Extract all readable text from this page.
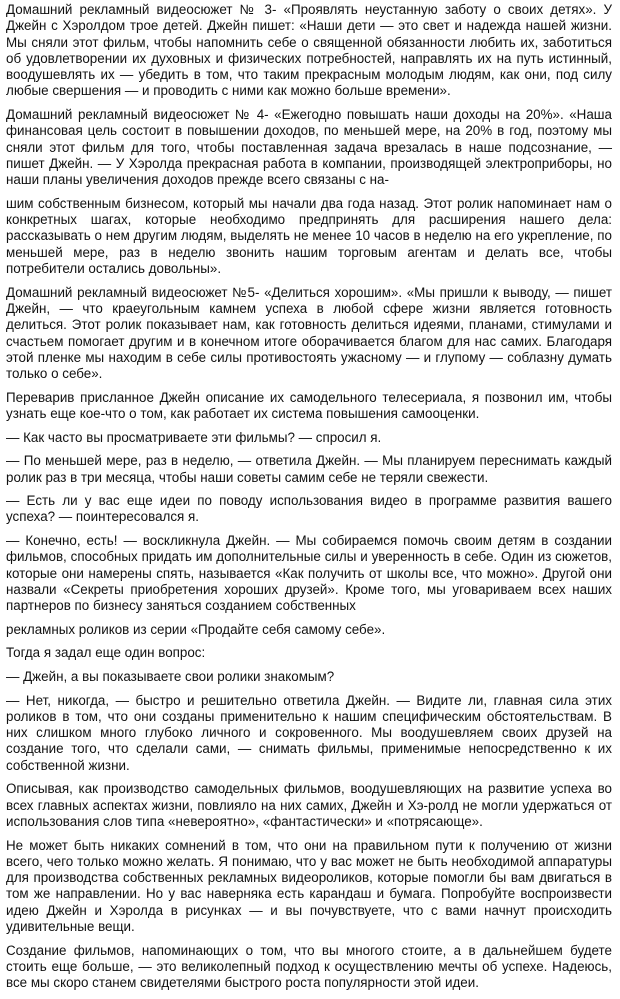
Домашний рекламный видеосюжет № 3- «Проявлять неустанную заботу о своих детях». У Джейн с Хэролдом трое детей. Джейн пишет: «Наши дети — это свет и надежда нашей жизни. Мы сняли этот фильм, чтобы напомнить себе о священной обязанности любить их, заботиться об удовлетворении их духовных и физических потребностей, направлять их на путь истинный, воодушевлять их — убедить в том, что таким прекрасным молодым людям, как они, под силу любые свершения — и проводить с ними как можно больше времени».

Домашний рекламный видеосюжет № 4- «Ежегодно повышать наши доходы на 20%». «Наша финансовая цель состоит в повышении доходов, по меньшей мере, на 20% в год, поэтому мы сняли этот фильм для того, чтобы поставленная задача врезалась в наше подсознание, — пишет Джейн. — У Хэролда прекрасная работа в компании, производящей электроприборы, но наши планы увеличения доходов прежде всего связаны с на-

шим собственным бизнесом, который мы начали два года назад. Этот ролик напоминает нам о конкретных шагах, которые необходимо предпринять для расширения нашего дела: рассказывать о нем другим людям, выделять не менее 10 часов в неделю на его укрепление, по меньшей мере, раз в неделю звонить нашим торговым агентам и делать все, чтобы потребители остались довольны».

Домашний рекламный видеосюжет №5- «Делиться хорошим». «Мы пришли к выводу, — пишет Джейн, — что краеугольным камнем успеха в любой сфере жизни является готовность делиться. Этот ролик показывает нам, как готовность делиться идеями, планами, стимулами и счастьем помогает другим и в конечном итоге оборачивается благом для нас самих. Благодаря этой пленке мы находим в себе силы противостоять ужасному — и глупому — соблазну думать только о себе».

Переварив присланное Джейн описание их самодельного телесериала, я позвонил им, чтобы узнать еще кое-что о том, как работает их система повышения самооценки.

— Как часто вы просматриваете эти фильмы? — спросил я.

— По меньшей мере, раз в неделю, — ответила Джейн. — Мы планируем переснимать каждый ролик раз в три месяца, чтобы наши советы самим себе не теряли свежести.

— Есть ли у вас еще идеи по поводу использования видео в программе развития вашего успеха? — поинтересовался я.

— Конечно, есть! — воскликнула Джейн. — Мы собираемся помочь своим детям в создании фильмов, способных придать им дополнительные силы и уверенность в себе. Один из сюжетов, которые они намерены спять, называется «Как получить от школы все, что можно». Другой они назвали «Секреты приобретения хороших друзей». Кроме того, мы уговариваем всех наших партнеров по бизнесу заняться созданием собственных

рекламных роликов из серии «Продайте себя самому себе».

Тогда я задал еще один вопрос:

— Джейн, а вы показываете свои ролики знакомым?

— Нет, никогда, — быстро и решительно ответила Джейн. — Видите ли, главная сила этих роликов в том, что они созданы применительно к нашим специфическим обстоятельствам. В них слишком много глубоко личного и сокровенного. Мы воодушевляем своих друзей на создание того, что сделали сами, — снимать фильмы, применимые непосредственно к их собственной жизни.

Описывая, как производство самодельных фильмов, воодушевляющих на развитие успеха во всех главных аспектах жизни, повлияло на них самих, Джейн и Хэ-ролд не могли удержаться от использования слов типа «невероятно», «фантастически» и «потрясающе».

Не может быть никаких сомнений в том, что они на правильном пути к получению от жизни всего, чего только можно желать. Я понимаю, что у вас может не быть необходимой аппаратуры для производства собственных рекламных видеороликов, которые помогли бы вам двигаться в том же направлении. Но у вас наверняка есть карандаш и бумага. Попробуйте воспроизвести идею Джейн и Хэролда в рисунках — и вы почувствуете, что с вами начнут происходить удивительные вещи.

Создание фильмов, напоминающих о том, что вы многого стоите, а в дальнейшем будете стоить еще больше, — это великолепный подход к осуществлению мечты об успехе. Надеюсь, все мы скоро станем свидетелями быстрого роста популярности этой идеи.
